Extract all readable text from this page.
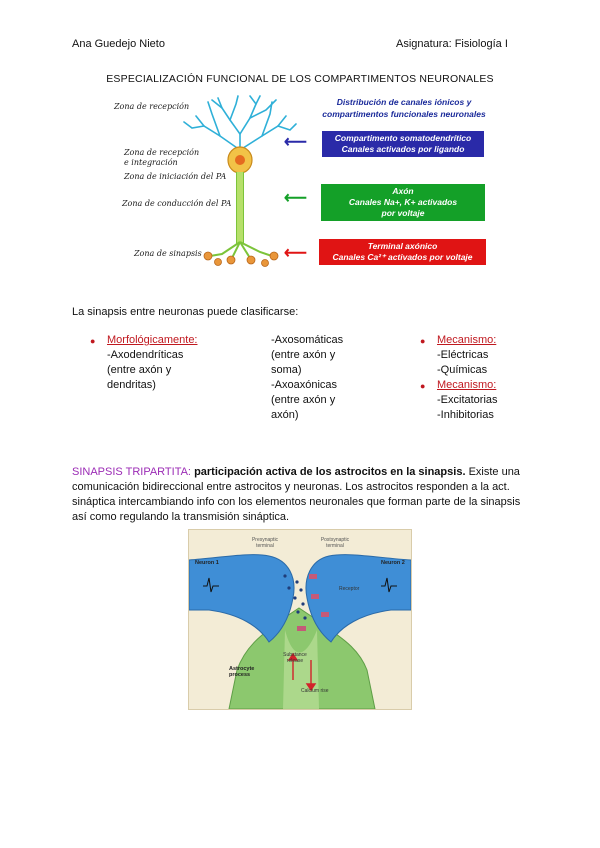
Ana Guedejo Nieto	Asignatura: Fisiología I
ESPECIALIZACIÓN FUNCIONAL DE LOS COMPARTIMENTOS NEURONALES
Zona de recepción
Zona de recepción
e integración
Zona de iniciación del PA
Zona de conducción del PA
Zona de sinapsis
Distribución de canales iónicos y
compartimentos funcionales neuronales
⟵
⟵
⟵
Compartimento somatodendrítico
Canales activados por ligando
Axón
Canales Na+, K+ activados
por voltaje
Terminal axónico
Canales Ca²⁺ activados por voltaje
La sinapsis entre neuronas puede clasificarse:
● Morfológicamente:
-Axodendríticas
(entre axón y
dendritas)
-Axosomáticas
(entre axón y
soma)
-Axoaxónicas
(entre axón y
axón)
● Mecanismo:
-Eléctricas
-Químicas
● Mecanismo:
-Excitatorias
-Inhibitorias
SINAPSIS TRIPARTITA: participación activa de los astrocitos en la sinapsis. Existe una
comunicación bidireccional entre astrocitos y neuronas. Los astrocitos responden a la act.
sináptica intercambiando info con los elementos neuronales que forman parte de la sinapsis
así como regulando la transmisión sináptica.
Presynaptic terminal
Postsynaptic terminal
Neuron 1	Neuron 2
Receptor
Substance release
Calcium rise
Astrocyte process
